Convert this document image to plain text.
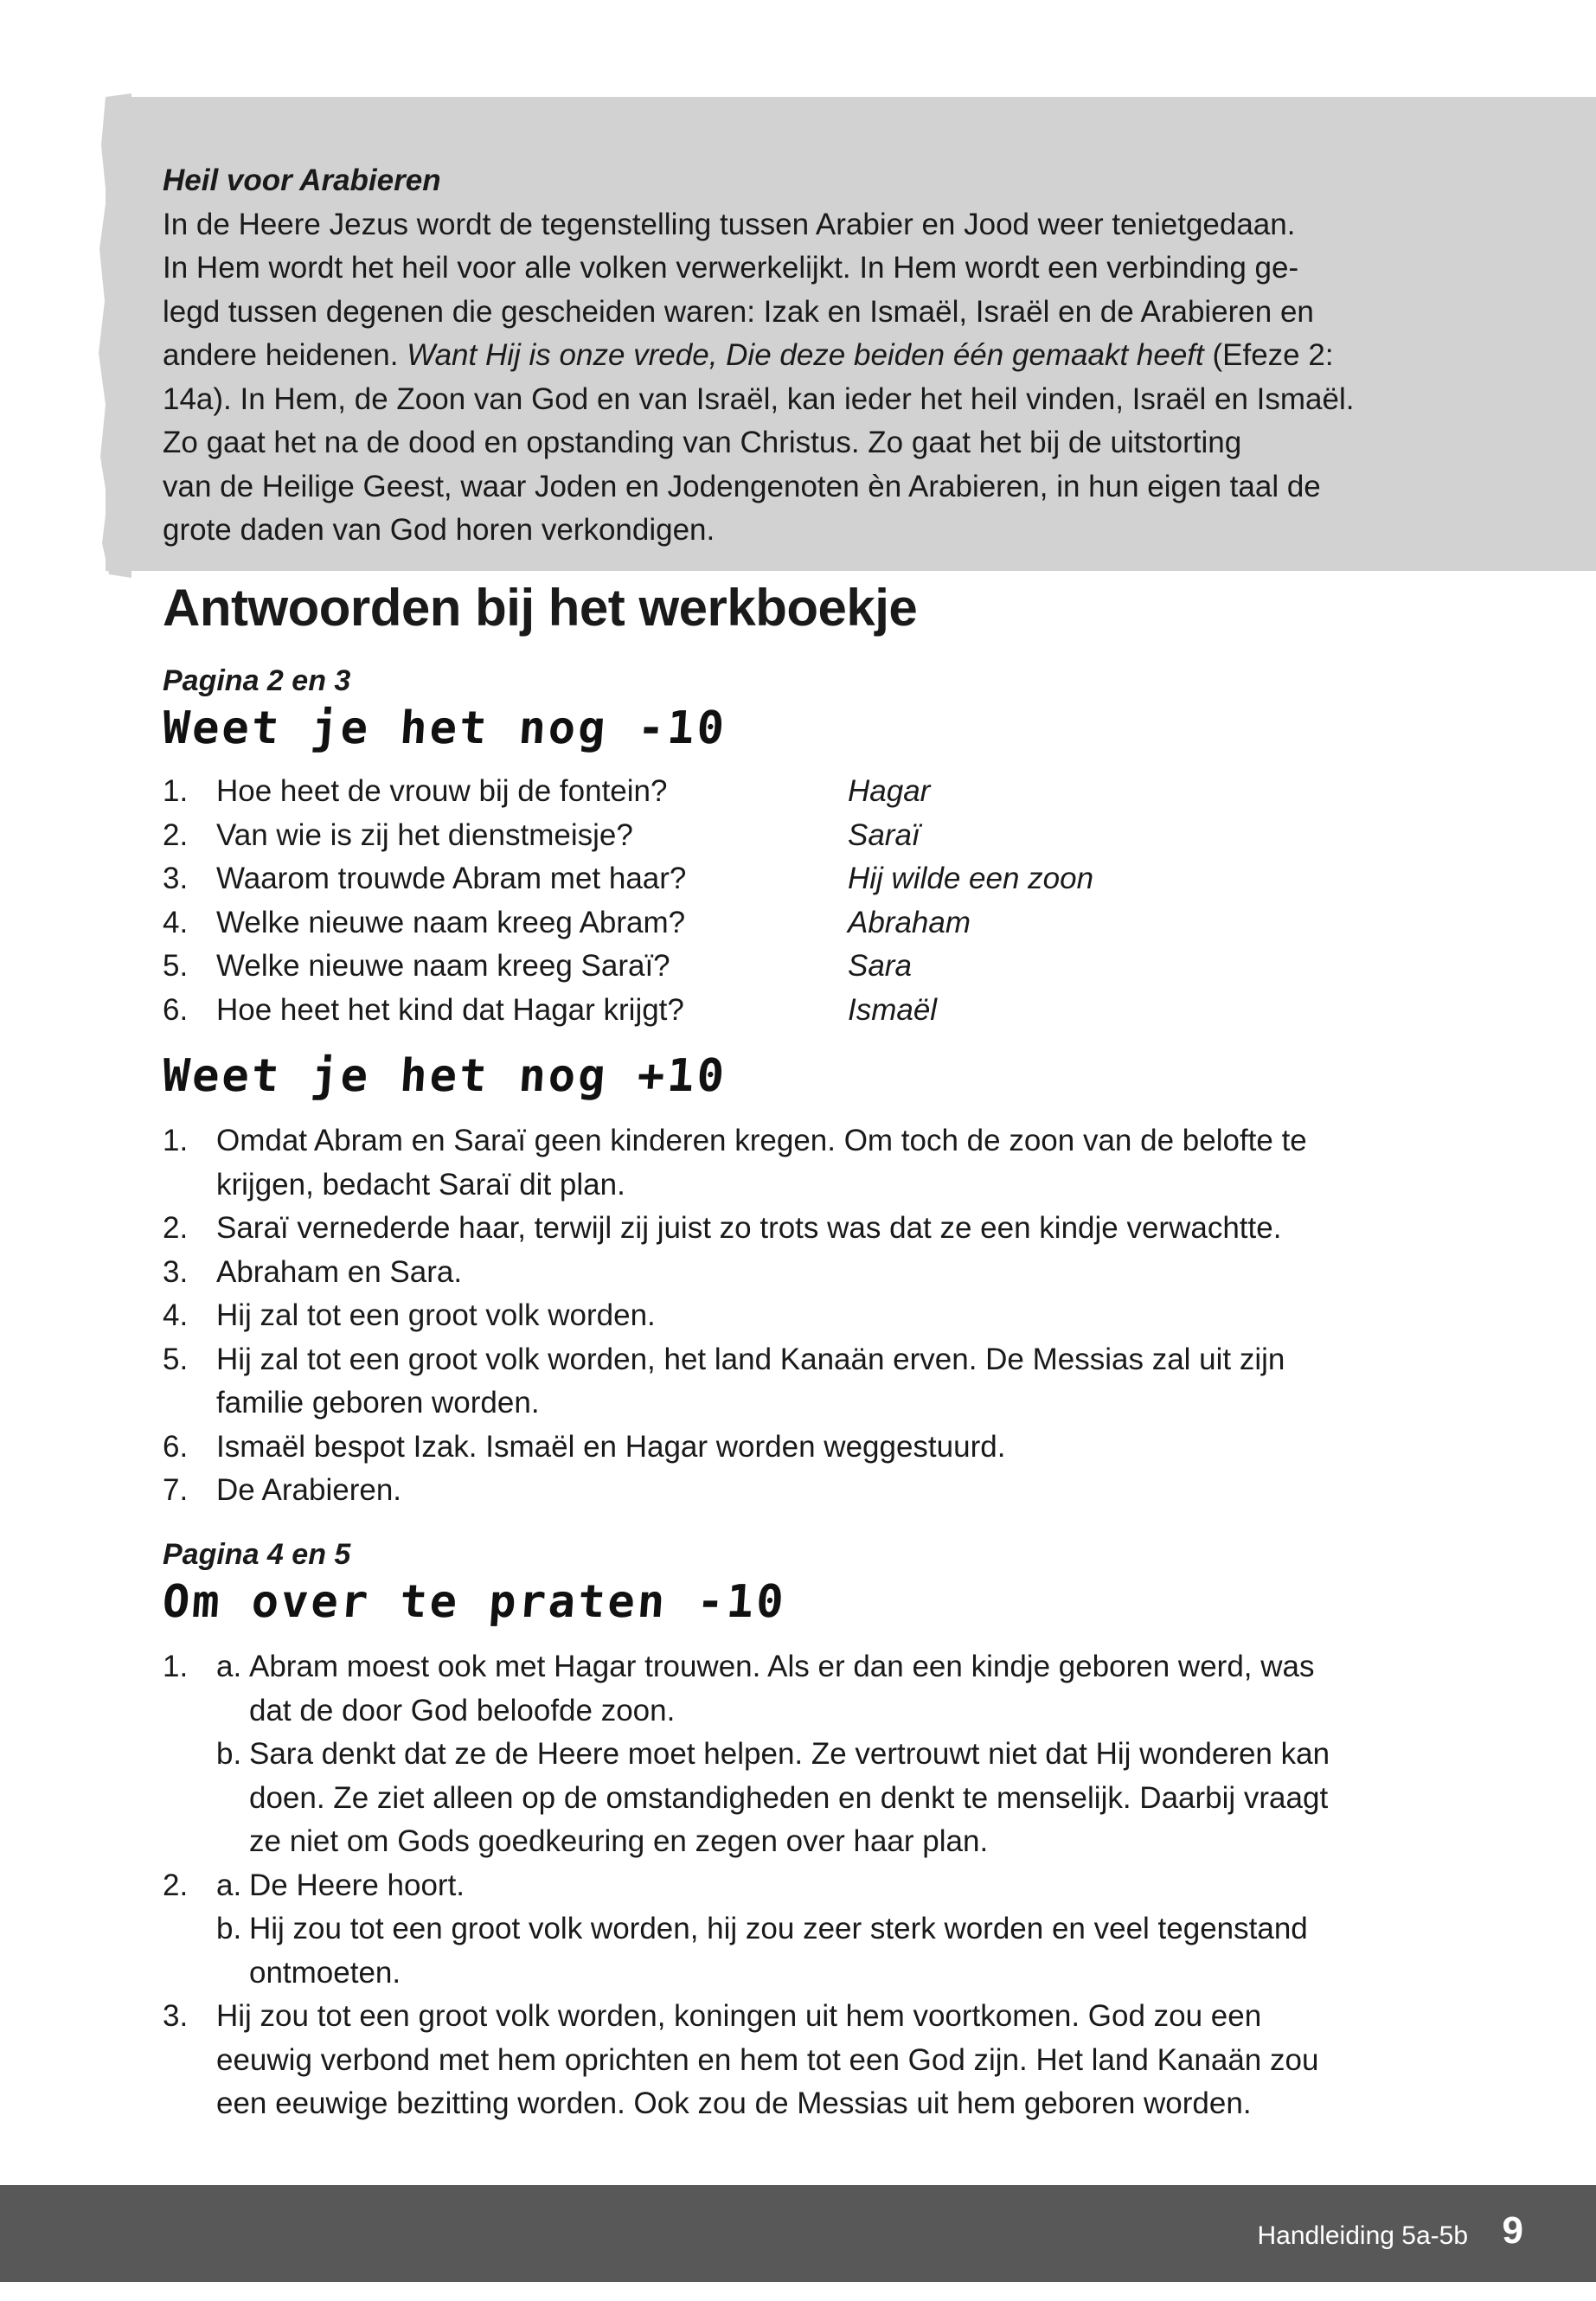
Heil voor Arabieren
In de Heere Jezus wordt de tegenstelling tussen Arabier en Jood weer tenietgedaan.
In Hem wordt het heil voor alle volken verwerkelijkt. In Hem wordt een verbinding ge-
legd tussen degenen die gescheiden waren: Izak en Ismaël, Israël en de Arabieren en
andere heidenen. Want Hij is onze vrede, Die deze beiden één gemaakt heeft (Efeze 2:
14a). In Hem, de Zoon van God en van Israël, kan ieder het heil vinden, Israël en Ismaël.
Zo gaat het na de dood en opstanding van Christus. Zo gaat het bij de uitstorting
van de Heilige Geest, waar Joden en Jodengenoten èn Arabieren, in hun eigen taal de
grote daden van God horen verkondigen.
Antwoorden bij het werkboekje
Pagina 2 en 3
Weet je het nog -10
1. Hoe heet de vrouw bij de fontein?	Hagar
2. Van wie is zij het dienstmeisje?	Saraï
3. Waarom trouwde Abram met haar?	Hij wilde een zoon
4. Welke nieuwe naam kreeg Abram?	Abraham
5. Welke nieuwe naam kreeg Saraï?	Sara
6. Hoe heet het kind dat Hagar krijgt?	Ismaël
Weet je het nog +10
1. Omdat Abram en Saraï geen kinderen kregen. Om toch de zoon van de belofte te
krijgen, bedacht Saraï dit plan.
2. Saraï vernederde haar, terwijl zij juist zo trots was dat ze een kindje verwachtte.
3. Abraham en Sara.
4. Hij zal tot een groot volk worden.
5. Hij zal tot een groot volk worden, het land Kanaän erven. De Messias zal uit zijn
familie geboren worden.
6. Ismaël bespot Izak. Ismaël en Hagar worden weggestuurd.
7. De Arabieren.
Pagina 4 en 5
Om over te praten -10
1. a. Abram moest ook met Hagar trouwen. Als er dan een kindje geboren werd, was
dat de door God beloofde zoon.
b. Sara denkt dat ze de Heere moet helpen. Ze vertrouwt niet dat Hij wonderen kan
doen. Ze ziet alleen op de omstandigheden en denkt te menselijk. Daarbij vraagt
ze niet om Gods goedkeuring en zegen over haar plan.
2. a. De Heere hoort.
b. Hij zou tot een groot volk worden, hij zou zeer sterk worden en veel tegenstand
ontmoeten.
3. Hij zou tot een groot volk worden, koningen uit hem voortkomen. God zou een
eeuwig verbond met hem oprichten en hem tot een God zijn. Het land Kanaän zou
een eeuwige bezitting worden. Ook zou de Messias uit hem geboren worden.
Handleiding 5a-5b 9
